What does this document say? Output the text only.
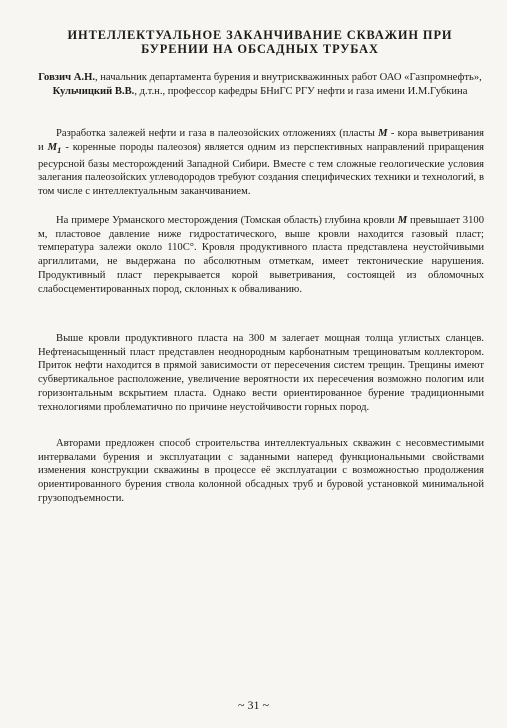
ИНТЕЛЛЕКТУАЛЬНОЕ ЗАКАНЧИВАНИЕ СКВАЖИН ПРИ
БУРЕНИИ НА ОБСАДНЫХ ТРУБАХ
Говзич А.Н., начальник департамента бурения и внутрискважинных работ ОАО «Газпромнефть», Кульчицкий В.В., д.т.н., профессор кафедры БНиГС РГУ нефти и газа имени И.М.Губкина

Разработка залежей нефти и газа в палеозойских отложениях (пласты М - кора выветривания и $М_1$ - коренные породы палеозоя) является одним из перспективных направлений приращения ресурсной базы месторождений Западной Сибири. Вместе с тем сложные геологические условия залегания палеозойских углеводородов требуют создания специфических техники и технологий, в том числе с интеллектуальным заканчиванием.

На примере Урманского месторождения (Томская область) глубина кровли М превышает 3100 м, пластовое давление ниже гидростатического, выше кровли находится газовый пласт; температура залежи около 110С°. Кровля продуктивного пласта представлена неустойчивыми аргиллитами, не выдержана по абсолютным отметкам, имеет тектонические нарушения. Продуктивный пласт перекрывается корой выветривания, состоящей из обломочных слабосцементированных пород, склонных к обваливанию.

Выше кровли продуктивного пласта на 300 м залегает мощная толща углистых сланцев. Нефтенасыщенный пласт представлен неоднородным карбонатным трещиноватым коллектором. Приток нефти находится в прямой зависимости от пересечения систем трещин. Трещины имеют субвертикальное расположение, увеличение вероятности их пересечения возможно пологим или горизонтальным вскрытием пласта. Однако вести ориентированное бурение традиционными технологиями проблематично по причине неустойчивости горных пород.

Авторами предложен способ строительства интеллектуальных скважин с несовместимыми интервалами бурения и эксплуатации с заданными наперед функциональными свойствами изменения конструкции скважины в процессе её эксплуатации с возможностью продолжения ориентированного бурения ствола колонной обсадных труб и буровой установкой минимальной грузоподъемности.

~ 31 ~
